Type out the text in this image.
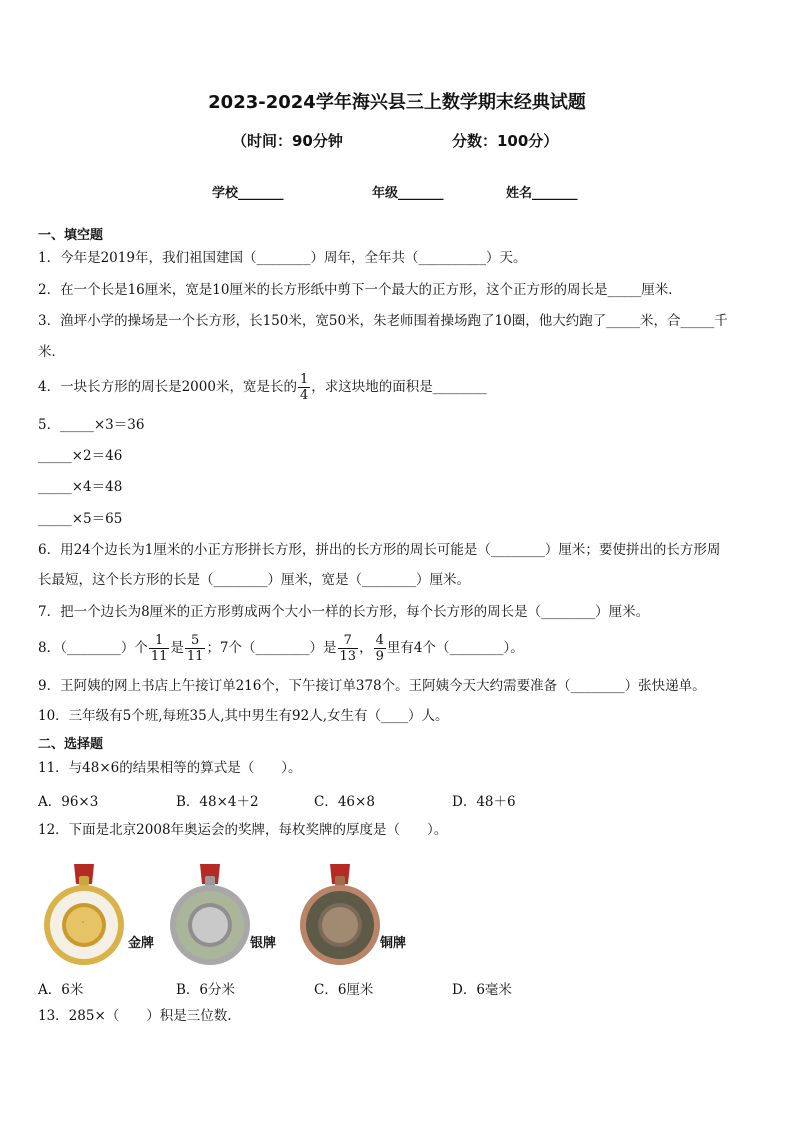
2023-2024学年海兴县三上数学期末经典试题
（时间：90分钟	分数：100分）
学校_______	年级_______	姓名_______
一、填空题
1．今年是2019年，我们祖国建国（________）周年，全年共（__________）天。
2．在一个长是16厘米，宽是10厘米的长方形纸中剪下一个最大的正方形，这个正方形的周长是_____厘米．
3．渔坪小学的操场是一个长方形，长150米，宽50米，朱老师围着操场跑了10圈，他大约跑了_____米，合_____千
米．
4．一块长方形的周长是2000米，宽是长的 $\frac{1}{4}$ ，求这块地的面积是________
5．_____×3＝36
_____×2＝46
_____×4＝48
_____×5＝65
6．用24个边长为1厘米的小正方形拼长方形，拼出的长方形的周长可能是（________）厘米；要使拼出的长方形周
长最短，这个长方形的长是（________）厘米，宽是（________）厘米。
7．把一个边长为8厘米的正方形剪成两个大小一样的长方形，每个长方形的周长是（________）厘米。
8．（________）个 $\frac{1}{11}$ 是 $\frac{5}{11}$ ；7个（________）是 $\frac{7}{13}$ ， $\frac{4}{9}$ 里有4个（________）。
9．王阿姨的网上书店上午接订单216个，下午接订单378个。王阿姨今天大约需要准备（________）张快递单。
10．三年级有5个班,每班35人,其中男生有92人,女生有（____）人。
二、选择题
11．与48×6的结果相等的算式是（　　）。
A．96×3	B．48×4＋2	C．46×8	D．48＋6
12．下面是北京2008年奥运会的奖牌，每枚奖牌的厚度是（　　）。
ﾟ
金牌	银牌	铜牌
A．6米	B．6分米	C．6厘米	D．6毫米
13．285×（　　）积是三位数.
